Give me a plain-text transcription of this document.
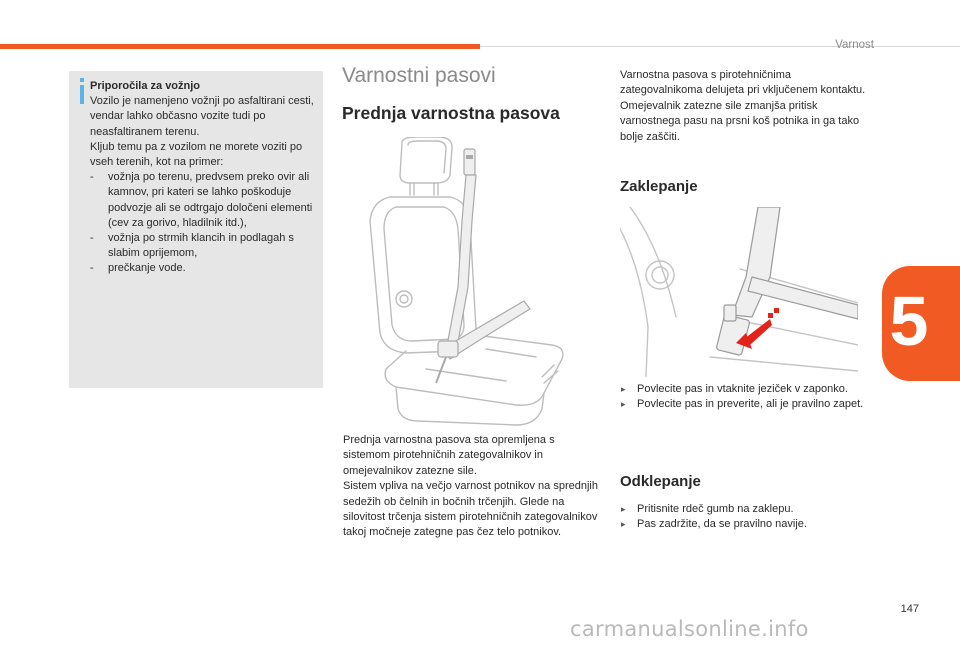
Varnost
5
Priporočila za vožnjo
Vozilo je namenjeno vožnji po asfaltirani cesti, vendar lahko občasno vozite tudi po neasfaltiranem terenu.
Kljub temu pa z vozilom ne morete voziti po vseh terenih, kot na primer:
- vožnja po terenu, predvsem preko ovir ali kamnov, pri kateri se lahko poškoduje podvozje ali se odtrgajo določeni elementi (cev za gorivo, hladilnik itd.),
- vožnja po strmih klancih in podlagah s slabim oprijemom,
- prečkanje vode.
Varnostni pasovi
Prednja varnostna pasova
Prednja varnostna pasova sta opremljena s sistemom pirotehničnih zategovalnikov in omejevalnikov zatezne sile.
Sistem vpliva na večjo varnost potnikov na sprednjih sedežih ob čelnih in bočnih trčenjih. Glede na silovitost trčenja sistem pirotehničnih zategovalnikov takoj močneje zategne pas čez telo potnikov.
Varnostna pasova s pirotehničnima zategovalnikoma delujeta pri vključenem kontaktu.
Omejevalnik zatezne sile zmanjša pritisk varnostnega pasu na prsni koš potnika in ga tako bolje zaščiti.
Zaklepanje
▸ Povlecite pas in vtaknite jeziček v zaponko.
▸ Povlecite pas in preverite, ali je pravilno zapet.
Odklepanje
▸ Pritisnite rdeč gumb na zaklepu.
▸ Pas zadržite, da se pravilno navije.
147
carmanualsonline.info
